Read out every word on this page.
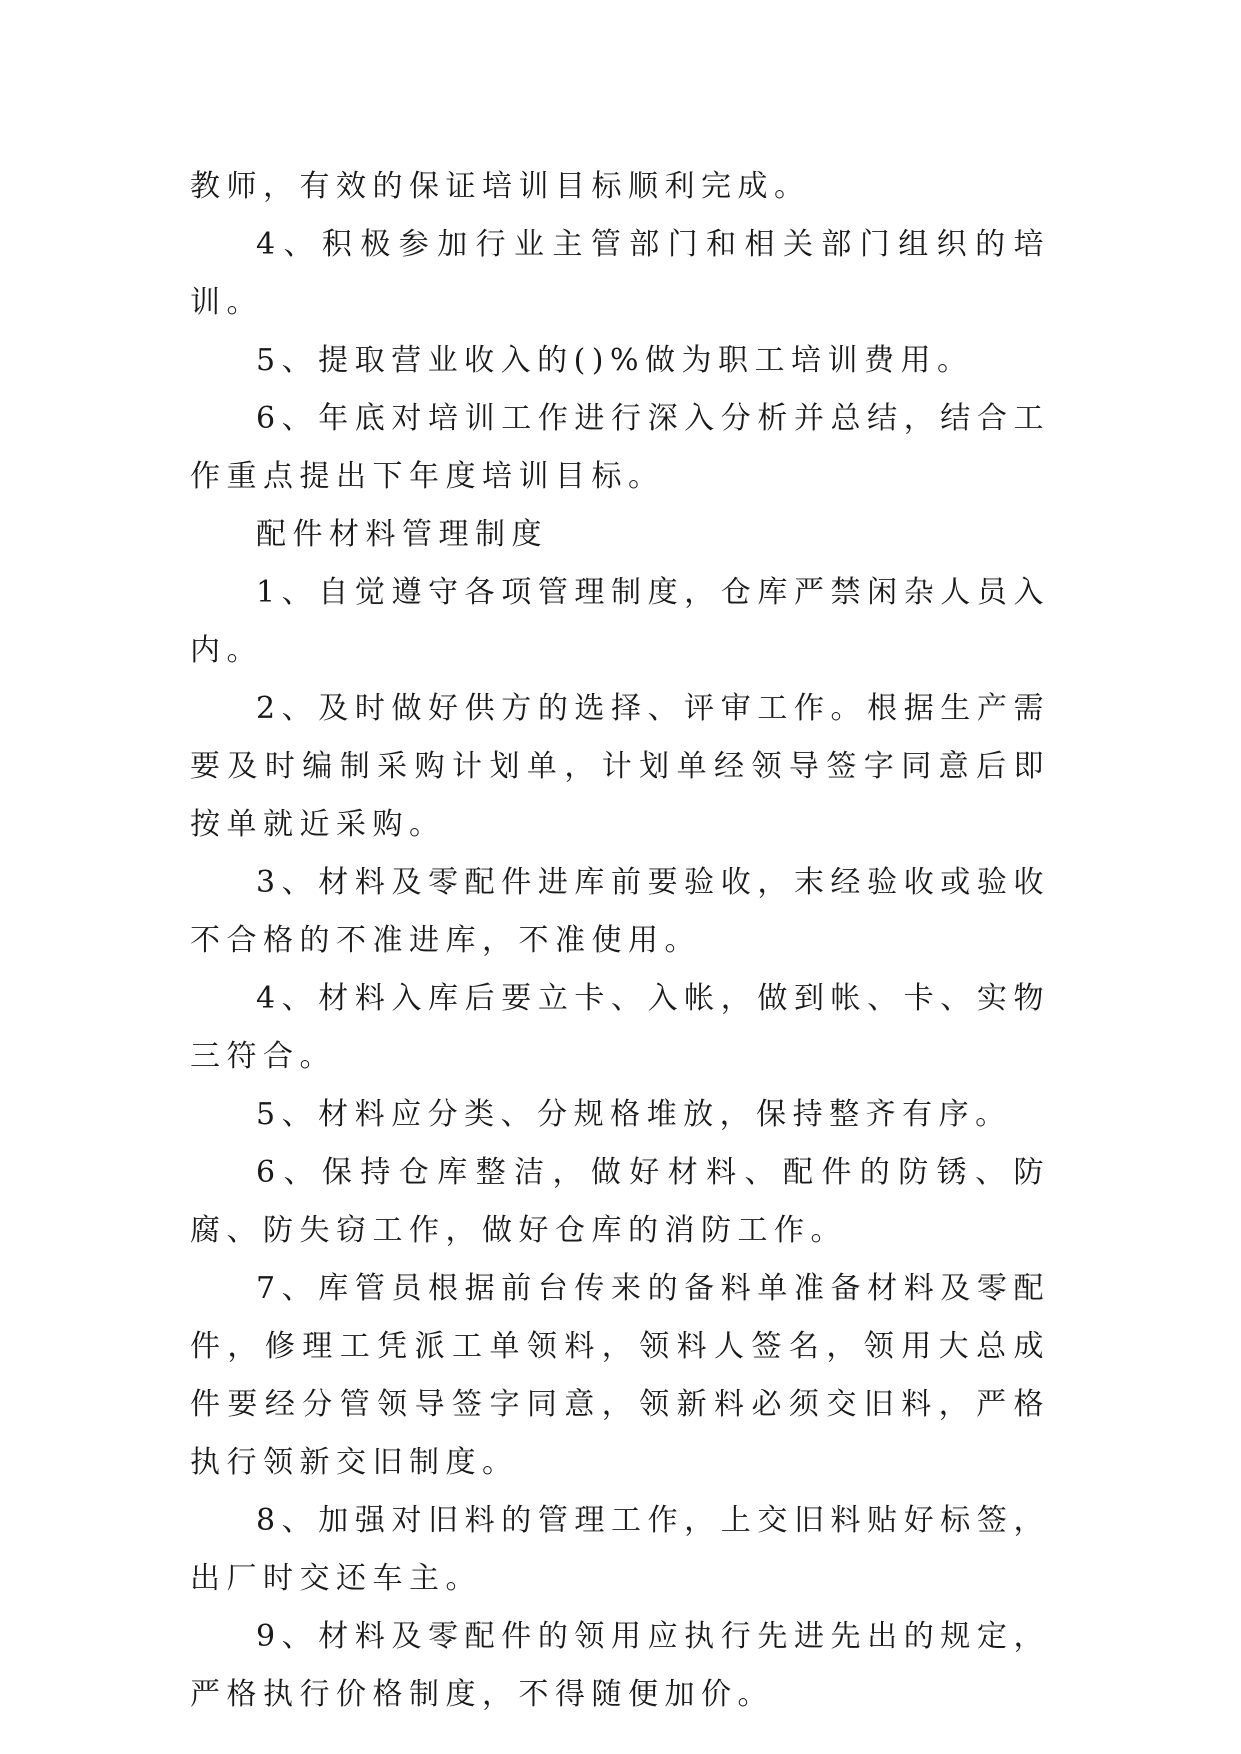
教师，有效的保证培训目标顺利完成。

4、积极参加行业主管部门和相关部门组织的培训。

5、提取营业收入的()%做为职工培训费用。

6、年底对培训工作进行深入分析并总结，结合工作重点提出下年度培训目标。

配件材料管理制度

1、自觉遵守各项管理制度，仓库严禁闲杂人员入内。

2、及时做好供方的选择、评审工作。根据生产需要及时编制采购计划单，计划单经领导签字同意后即按单就近采购。

3、材料及零配件进库前要验收，末经验收或验收不合格的不准进库，不准使用。

4、材料入库后要立卡、入帐，做到帐、卡、实物三符合。

5、材料应分类、分规格堆放，保持整齐有序。

6、保持仓库整洁，做好材料、配件的防锈、防腐、防失窃工作，做好仓库的消防工作。

7、库管员根据前台传来的备料单准备材料及零配件，修理工凭派工单领料，领料人签名，领用大总成件要经分管领导签字同意，领新料必须交旧料，严格执行领新交旧制度。

8、加强对旧料的管理工作，上交旧料贴好标签，出厂时交还车主。

9、材料及零配件的领用应执行先进先出的规定，严格执行价格制度，不得随便加价。
